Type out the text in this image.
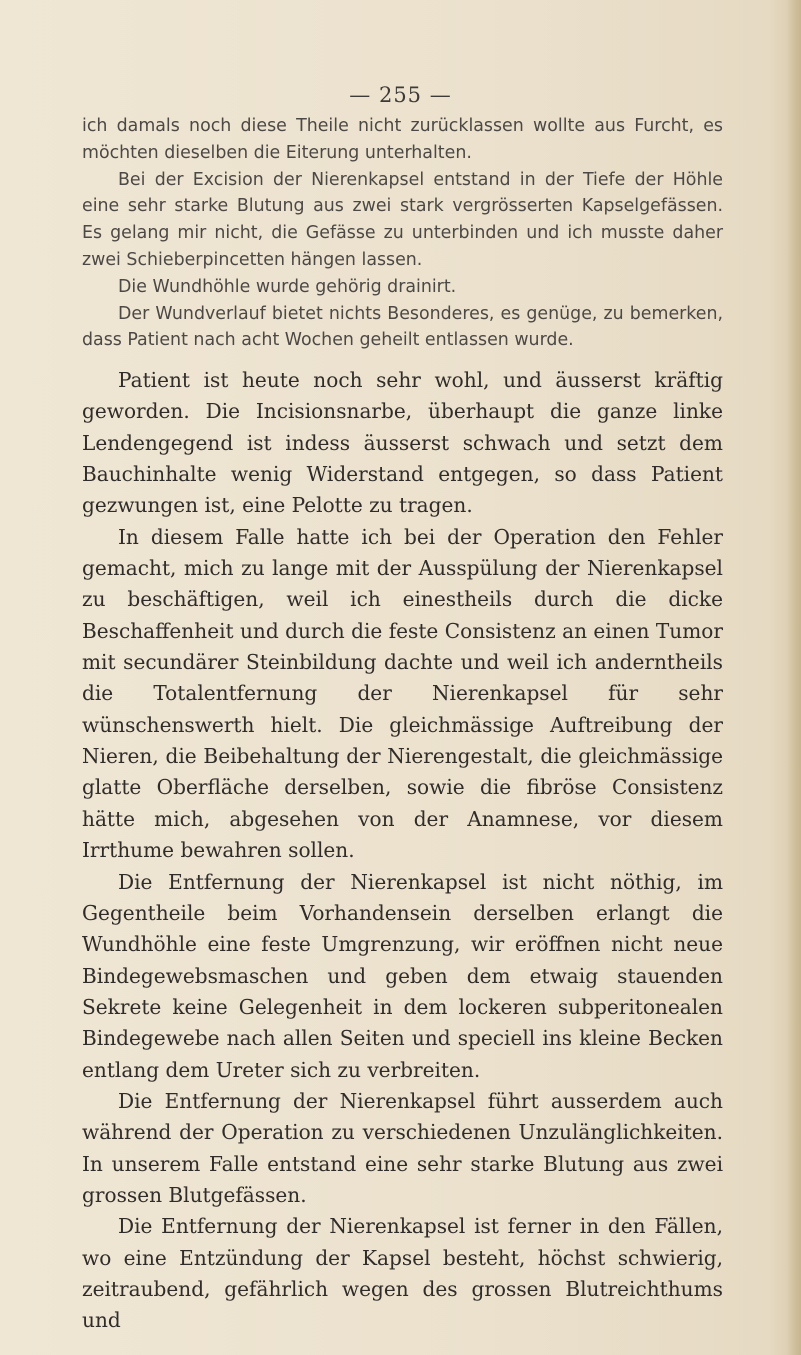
— 255 —

ich damals noch diese Theile nicht zurücklassen wollte aus Furcht, es möchten dieselben die Eiterung unterhalten.

Bei der Excision der Nierenkapsel entstand in der Tiefe der Höhle eine sehr starke Blutung aus zwei stark vergrösserten Kapselgefässen. Es gelang mir nicht, die Gefässe zu unterbinden und ich musste daher zwei Schieberpincetten hängen lassen.

Die Wundhöhle wurde gehörig drainirt.

Der Wundverlauf bietet nichts Besonderes, es genüge, zu bemerken, dass Patient nach acht Wochen geheilt entlassen wurde.

Patient ist heute noch sehr wohl, und äusserst kräftig geworden. Die Incisionsnarbe, überhaupt die ganze linke Lendengegend ist indess äusserst schwach und setzt dem Bauchinhalte wenig Widerstand entgegen, so dass Patient gezwungen ist, eine Pelotte zu tragen.

In diesem Falle hatte ich bei der Operation den Fehler gemacht, mich zu lange mit der Ausspülung der Nierenkapsel zu beschäftigen, weil ich einestheils durch die dicke Beschaffenheit und durch die feste Consistenz an einen Tumor mit secundärer Steinbildung dachte und weil ich anderntheils die Totalentfernung der Nierenkapsel für sehr wünschenswerth hielt. Die gleichmässige Auftreibung der Nieren, die Beibehaltung der Nierengestalt, die gleichmässige glatte Oberfläche derselben, sowie die fibröse Consistenz hätte mich, abgesehen von der Anamnese, vor diesem Irrthume bewahren sollen.

Die Entfernung der Nierenkapsel ist nicht nöthig, im Gegentheile beim Vorhandensein derselben erlangt die Wundhöhle eine feste Umgrenzung, wir eröffnen nicht neue Bindegewebsmaschen und geben dem etwaig stauenden Sekrete keine Gelegenheit in dem lockeren subperitonealen Bindegewebe nach allen Seiten und speciell ins kleine Becken entlang dem Ureter sich zu verbreiten.

Die Entfernung der Nierenkapsel führt ausserdem auch während der Operation zu verschiedenen Unzulänglichkeiten. In unserem Falle entstand eine sehr starke Blutung aus zwei grossen Blutgefässen.

Die Entfernung der Nierenkapsel ist ferner in den Fällen, wo eine Entzündung der Kapsel besteht, höchst schwierig, zeitraubend, gefährlich wegen des grossen Blutreichthums und
